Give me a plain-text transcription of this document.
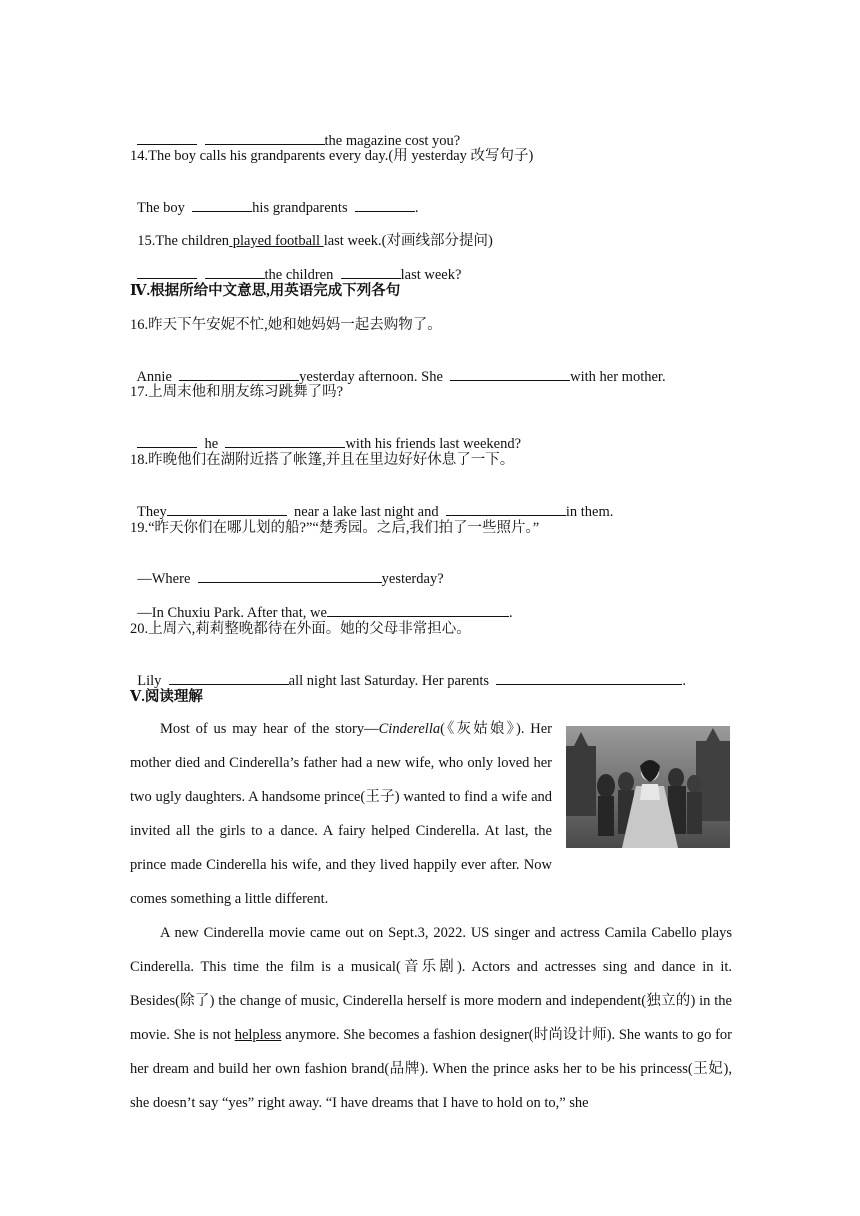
the magazine cost you?

14.The boy calls his grandparents every day.(用 yesterday 改写句子)

The boy	his grandparents	.

15.The children played football last week.(对画线部分提问)

the children	last week?

Ⅳ.根据所给中文意思,用英语完成下列各句
16.昨天下午安妮不忙,她和她妈妈一起去购物了。

Annie	yesterday afternoon. She	with her mother.

17.上周末他和朋友练习跳舞了吗?

he	with his friends last weekend?

18.昨晚他们在湖附近搭了帐篷,并且在里边好好休息了一下。

They	near a lake last night and	in them.

19.“昨天你们在哪儿划的船?”“楚秀园。之后,我们拍了一些照片。”

—Where	yesterday?

—In Chuxiu Park. After that, we	.

20.上周六,莉莉整晚都待在外面。她的父母非常担心。

Lily	all night last Saturday. Her parents	.

Ⅴ.阅读理解

Most of us may hear of the story—Cinderella(《灰姑娘》). Her mother died and Cinderella’s father had a new wife, who only loved her two ugly daughters. A handsome prince(王子) wanted to find a wife and invited all the girls to a dance. A fairy helped Cinderella. At last, the prince made Cinderella his wife, and they lived happily ever after. Now comes something a little different.

A new Cinderella movie came out on Sept.3, 2022. US singer and actress Camila Cabello plays Cinderella. This time the film is a musical(音乐剧). Actors and actresses sing and dance in it. Besides(除了) the change of music, Cinderella herself is more modern and independent(独立的) in the movie. She is not helpless anymore. She becomes a fashion designer(时尚设计师). She wants to go for her dream and build her own fashion brand(品牌). When the prince asks her to be his princess(王妃), she doesn’t say “yes” right away. “I have dreams that I have to hold on to,” she
